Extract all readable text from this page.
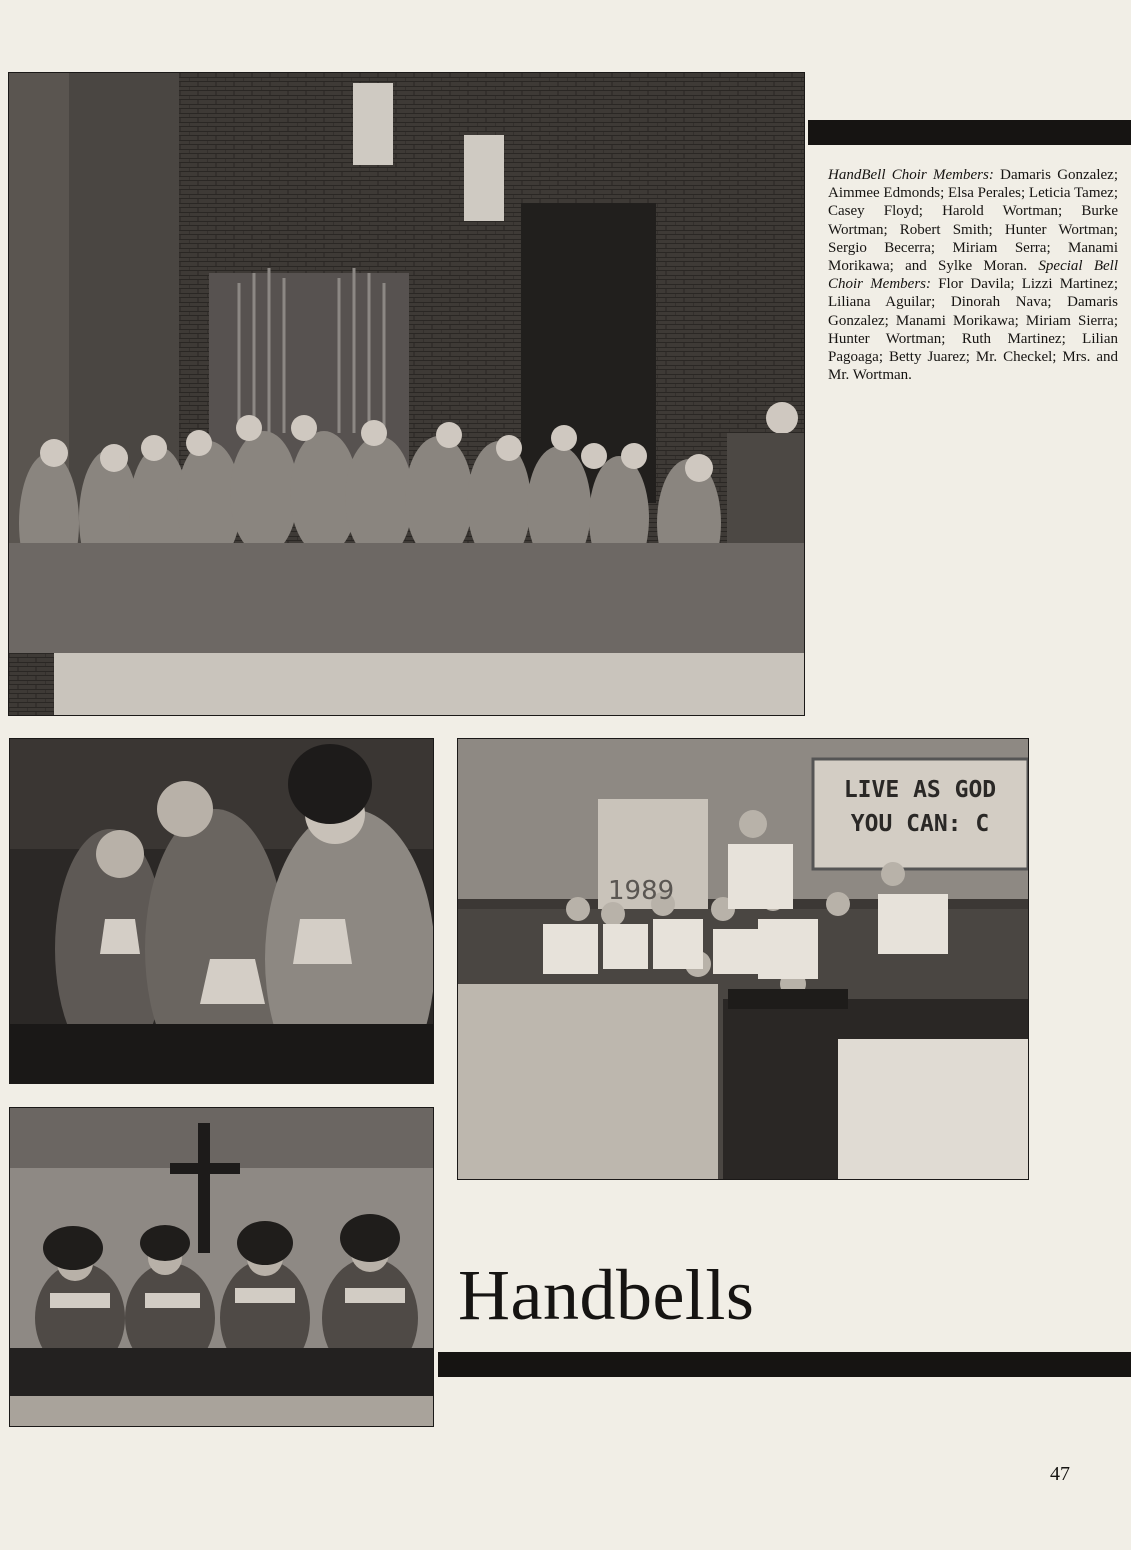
HandBell Choir Members: Damaris Gonzalez; Aimmee Edmonds; Elsa Perales; Leticia Tamez; Casey Floyd; Harold Wortman; Burke Wortman; Robert Smith; Hunter Wortman; Sergio Becerra; Miriam Serra; Manami Morikawa; and Sylke Moran. Special Bell Choir Members: Flor Davila; Lizzi Martinez; Liliana Aguilar; Dinorah Nava; Damaris Gonzalez; Manami Morikawa; Miriam Sierra; Hunter Wortman; Ruth Martinez; Lilian Pagoaga; Betty Juarez; Mr. Checkel; Mrs. and Mr. Wortman.

LIVE AS GOD
YOU CAN: C
1989
Handbells

47
